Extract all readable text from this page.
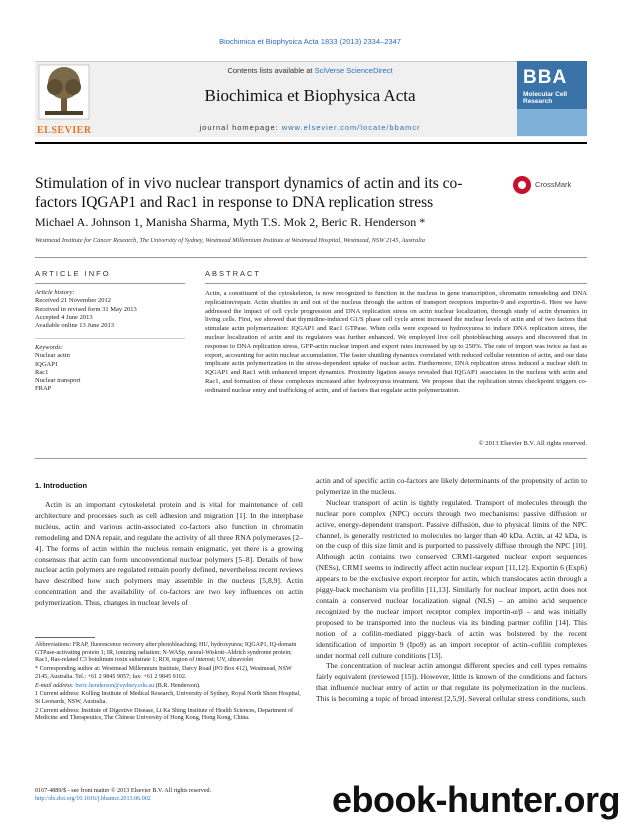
Biochimica et Biophysica Acta 1833 (2013) 2334–2347
ELSEVIER
Contents lists available at SciVerse ScienceDirect
Biochimica et Biophysica Acta
journal homepage: www.elsevier.com/locate/bbamcr
BBA
Molecular Cell Research
Stimulation of in vivo nuclear transport dynamics of actin and its co-factors IQGAP1 and Rac1 in response to DNA replication stress
CrossMark
Michael A. Johnson 1, Manisha Sharma, Myth T.S. Mok 2, Beric R. Henderson *
Westmead Institute for Cancer Research, The University of Sydney, Westmead Millennium Institute at Westmead Hospital, Westmead, NSW 2145, Australia
ARTICLE INFO
Article history:
Received 21 November 2012
Received in revised form 31 May 2013
Accepted 4 June 2013
Available online 13 June 2013
Keywords:
Nuclear actin
IQGAP1
Rac1
Nuclear transport
FRAP
ABSTRACT
Actin, a constituent of the cytoskeleton, is now recognized to function in the nucleus in gene transcription, chromatin remodeling and DNA replication/repair. Actin shuttles in and out of the nucleus through the action of transport receptors importin-9 and exportin-6. Here we have addressed the impact of cell cycle progression and DNA replication stress on actin nuclear localization, through study of actin dynamics in living cells. First, we showed that thymidine-induced G1/S phase cell cycle arrest increased the nuclear levels of actin and of two factors that stimulate actin polymerization: IQGAP1 and Rac1 GTPase. When cells were exposed to hydroxyurea to induce DNA replication stress, the nuclear localization of actin and its regulators was further enhanced. We employed live cell photobleaching assays and discovered that in response to DNA replication stress, GFP-actin nuclear import and export rates increased by up to 250%. The rate of import was twice as fast as export, accounting for actin nuclear accumulation. The faster shuttling dynamics correlated with reduced cellular retention of actin, and our data implicate actin polymerization in the stress-dependent uptake of nuclear actin. Furthermore, DNA replication stress induced a nuclear shift in IQGAP1 and Rac1 with enhanced import dynamics. Proximity ligation assays revealed that IQGAP1 associates in the nucleus with actin and Rac1, and formation of these complexes increased after hydroxyurea treatment. We propose that the replication stress checkpoint triggers co-ordinated nuclear entry and trafficking of actin, and of factors that regulate actin polymerization.
© 2013 Elsevier B.V. All rights reserved.
1. Introduction

Actin is an important cytoskeletal protein and is vital for maintenance of cell architecture and processes such as cell adhesion and migration [1]. In the interphase nucleus, actin and various actin-associated co-factors also function in chromatin remodeling and DNA repair, and regulate the activity of all three RNA polymerases [2–4]. The forms of actin within the nucleus remain enigmatic, yet there is a growing consensus that actin can form unconventional nuclear polymers [5–8]. Details of how nuclear actin polymers are regulated remain poorly defined, nevertheless recent reviews have described how such polymers may assemble in the nucleus [5,8,9]. Actin concentration and the availability of co-factors are two key influences on actin polymerization. Thus, changes in nuclear levels of

actin and of specific actin co-factors are likely determinants of the propensity of actin to polymerize in the nucleus.

Nuclear transport of actin is tightly regulated. Transport of molecules through the nuclear pore complex (NPC) occurs through two mechanisms: passive diffusion or active, energy-dependent transport. Passive diffusion, due to physical limits of the NPC channel, is generally restricted to molecules no larger than 40 kDa. Actin, at 42 kDa, is on the cusp of this size limit and is purported to passively diffuse through the NPC [10]. Although actin contains two conserved CRM1-targeted nuclear export sequences (NESs), CRM1 seems to indirectly affect actin nuclear export [11,12]. Exportin 6 (Exp6) appears to be the exclusive export receptor for actin, which translocates actin through a piggy-back mechanism via profilin [11,13]. Similarly for nuclear import, actin does not contain a conserved nuclear localization signal (NLS) – an amino acid sequence recognized by the nuclear import receptor complex importin-α/β – and was initially proposed to be transported into the nucleus via its binding partner cofilin [14]. This notion of a cofilin-mediated piggy-back of actin was bolstered by the recent identification of importin 9 (Ipo9) as an import receptor of actin–cofilin complexes under normal cell culture conditions [13].

The concentration of nuclear actin amongst different species and cell types remains fairly equivalent (reviewed [15]). However, little is known of the conditions and factors that influence nuclear entry of actin or that regulate its polymerization in the nucleus. This is becoming a topic of broad interest [2,5,9]. Several cellular stress conditions, such

Abbreviations: FRAP, fluorescence recovery after photobleaching; HU, hydroxyurea; IQGAP1, IQ-domain GTPase-activating protein 1; IR, ionizing radiation; N-WASp, neural-Wiskott–Aldrich syndrome protein; Rac1, Ras-related C3 botulinum toxin substrate 1; ROI, region of interest; UV, ultraviolet

* Corresponding author at: Westmead Millennium Institute, Darcy Road (PO Box 412), Westmead, NSW 2145, Australia. Tel.: +61 2 9845 9057; fax: +61 2 9845 9102.

E-mail address: beric.henderson@sydney.edu.au (B.R. Henderson).

1 Current address: Kolling Institute of Medical Research, University of Sydney, Royal North Shore Hospital, St Leonards, NSW, Australia.

2 Current address: Institute of Digestive Disease, Li Ka Shing Institute of Health Sciences, Department of Medicine and Therapeutics, The Chinese University of Hong Kong, Hong Kong, China.

0167-4889/$ - see front matter © 2013 Elsevier B.V. All rights reserved.
http://dx.doi.org/10.1016/j.bbamcr.2013.06.002	ebook-hunter.org
